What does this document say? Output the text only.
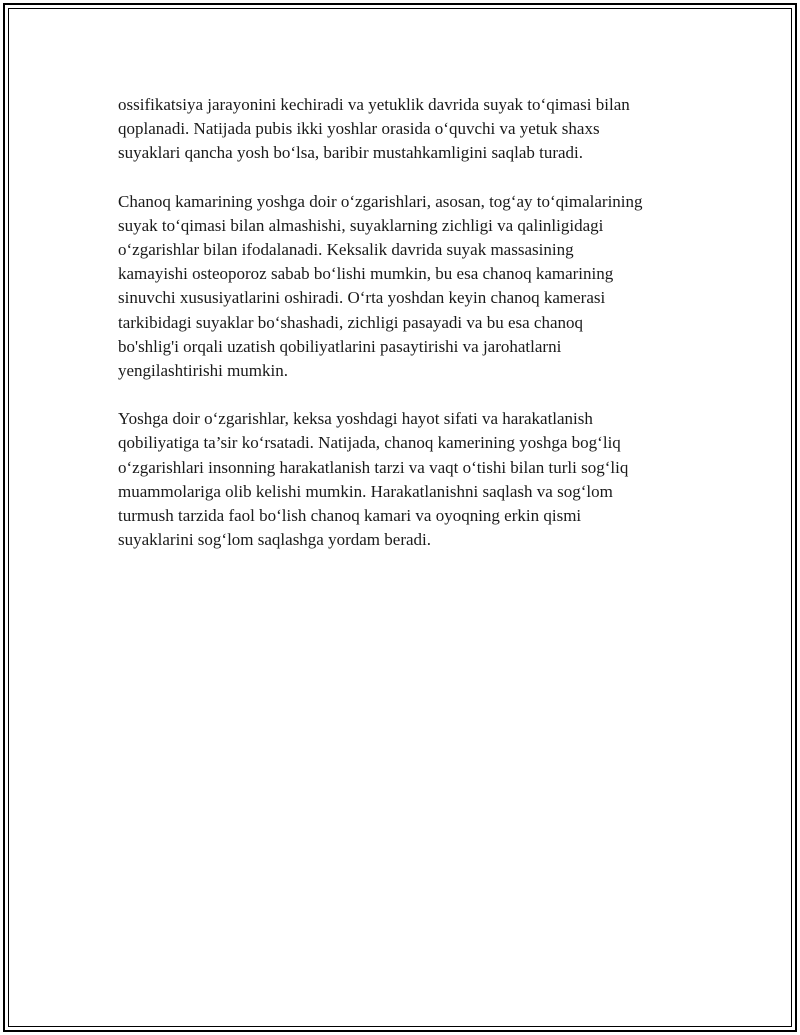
ossifikatsiya jarayonini kechiradi va yetuklik davrida suyak to‘qimasi bilan
qoplanadi. Natijada pubis ikki yoshlar orasida o‘quvchi va yetuk shaxs
suyaklari qancha yosh bo‘lsa, baribir mustahkamligini saqlab turadi.

Chanoq kamarining yoshga doir o‘zgarishlari, asosan, tog‘ay to‘qimalarining
suyak to‘qimasi bilan almashishi, suyaklarning zichligi va qalinligidagi
o‘zgarishlar bilan ifodalanadi. Keksalik davrida suyak massasining
kamayishi osteoporoz sabab bo‘lishi mumkin, bu esa chanoq kamarining
sinuvchi xususiyatlarini oshiradi. O‘rta yoshdan keyin chanoq kamerasi
tarkibidagi suyaklar bo‘shashadi, zichligi pasayadi va bu esa chanoq
bo'shlig'i orqali uzatish qobiliyatlarini pasaytirishi va jarohatlarni
yengilashtirishi mumkin.

Yoshga doir o‘zgarishlar, keksa yoshdagi hayot sifati va harakatlanish
qobiliyatiga ta’sir ko‘rsatadi. Natijada, chanoq kamerining yoshga bog‘liq
o‘zgarishlari insonning harakatlanish tarzi va vaqt o‘tishi bilan turli sog‘liq
muammolariga olib kelishi mumkin. Harakatlanishni saqlash va sog‘lom
turmush tarzida faol bo‘lish chanoq kamari va oyoqning erkin qismi
suyaklarini sog‘lom saqlashga yordam beradi.
